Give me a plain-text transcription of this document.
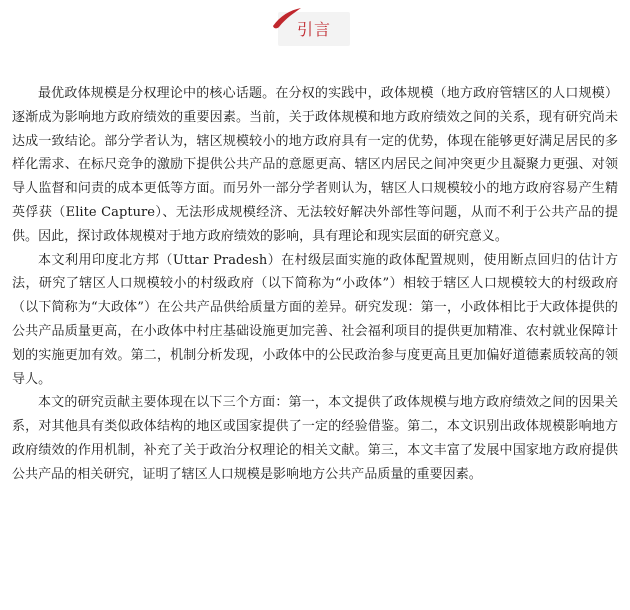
引言

最优政体规模是分权理论中的核心话题。在分权的实践中，政体规模（地方政府管辖区的人口规模）逐渐成为影响地方政府绩效的重要因素。当前，关于政体规模和地方政府绩效之间的关系，现有研究尚未达成一致结论。部分学者认为，辖区规模较小的地方政府具有一定的优势，体现在能够更好满足居民的多样化需求、在标尺竞争的激励下提供公共产品的意愿更高、辖区内居民之间冲突更少且凝聚力更强、对领导人监督和问责的成本更低等方面。而另外一部分学者则认为，辖区人口规模较小的地方政府容易产生精英俘获（Elite Capture）、无法形成规模经济、无法较好解决外部性等问题，从而不利于公共产品的提供。因此，探讨政体规模对于地方政府绩效的影响，具有理论和现实层面的研究意义。

本文利用印度北方邦（Uttar Pradesh）在村级层面实施的政体配置规则，使用断点回归的估计方法，研究了辖区人口规模较小的村级政府（以下简称为“小政体”）相较于辖区人口规模较大的村级政府（以下简称为“大政体”）在公共产品供给质量方面的差异。研究发现：第一，小政体相比于大政体提供的公共产品质量更高，在小政体中村庄基础设施更加完善、社会福利项目的提供更加精准、农村就业保障计划的实施更加有效。第二，机制分析发现，小政体中的公民政治参与度更高且更加偏好道德素质较高的领导人。

本文的研究贡献主要体现在以下三个方面：第一，本文提供了政体规模与地方政府绩效之间的因果关系，对其他具有类似政体结构的地区或国家提供了一定的经验借鉴。第二，本文识别出政体规模影响地方政府绩效的作用机制，补充了关于政治分权理论的相关文献。第三，本文丰富了发展中国家地方政府提供公共产品的相关研究，证明了辖区人口规模是影响地方公共产品质量的重要因素。
